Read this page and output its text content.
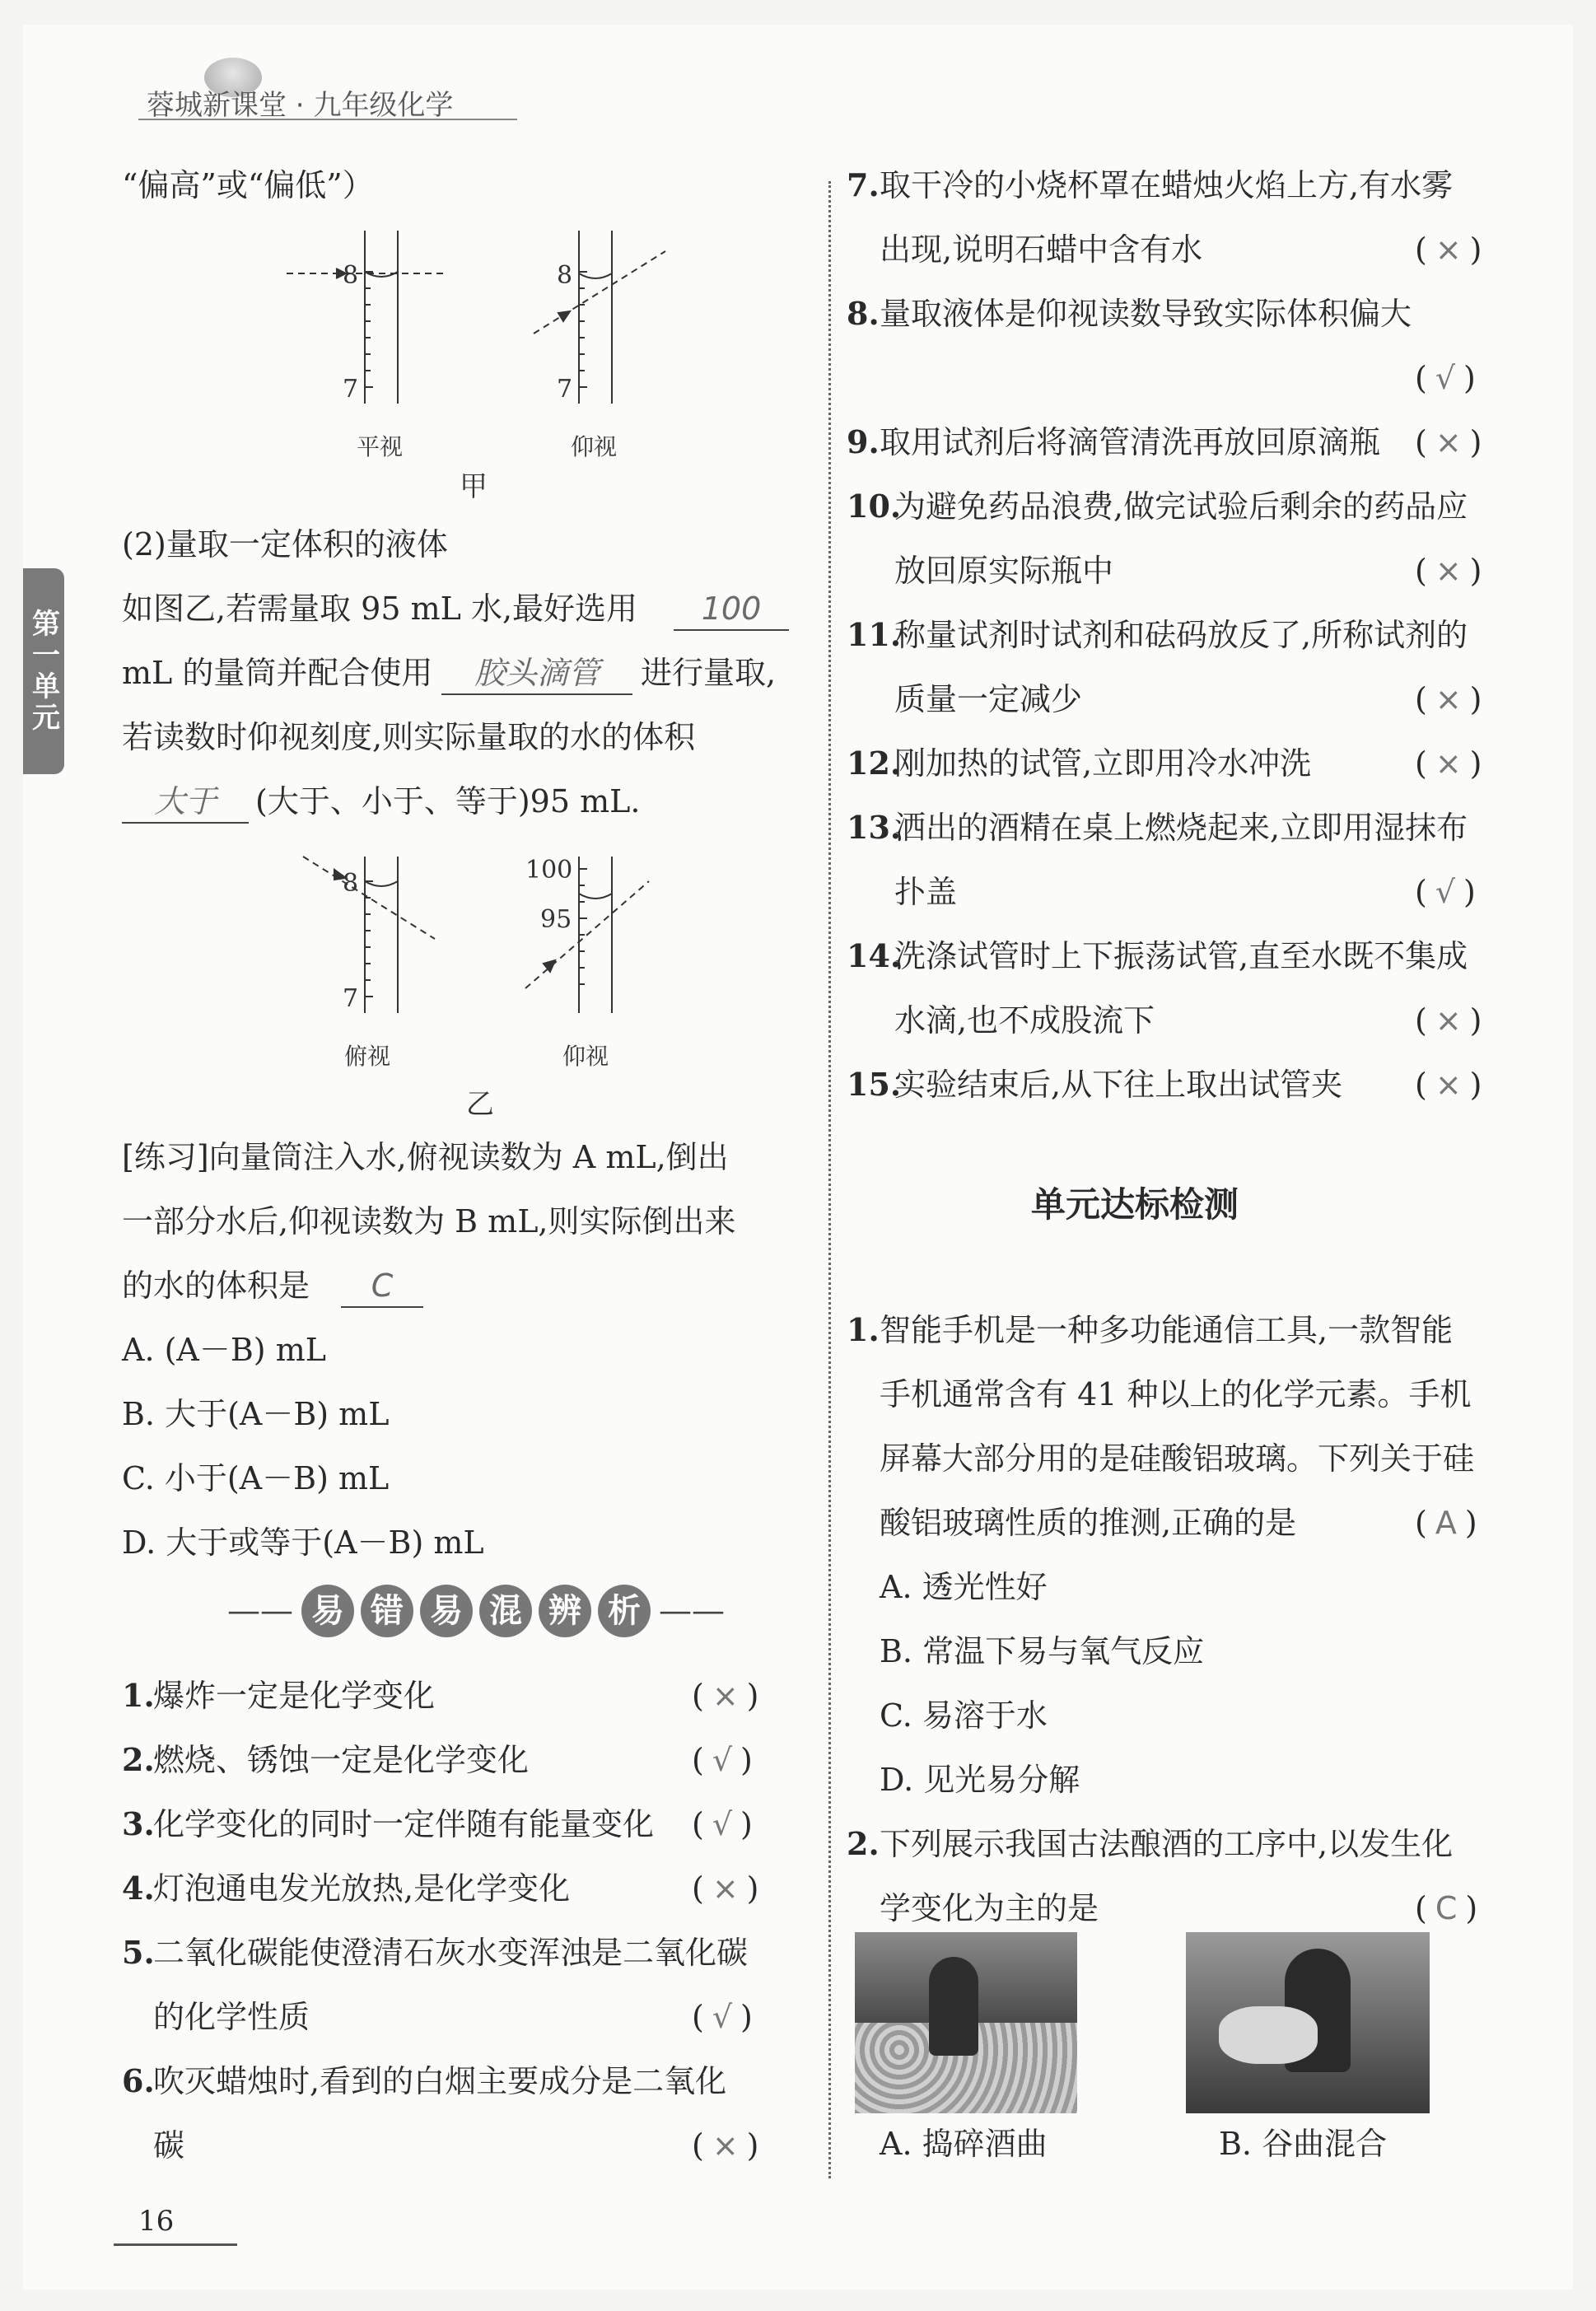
蓉城新课堂 · 九年级化学
第一单元
“偏高”或“偏低”）
8
7
8
7
平视	仰视
甲
(2)量取一定体积的液体
如图乙,若需量取 95 mL 水,最好选用	100
mL 的量筒并配合使用	胶头滴管	进行量取,
若读数时仰视刻度,则实际量取的水的体积
大于	(大于、小于、等于)95 mL.
8
7
100
95
俯视	仰视
乙
[练习]向量筒注入水,俯视读数为 A mL,倒出
一部分水后,仰视读数为 B mL,则实际倒出来
的水的体积是	C
A. (A－B) mL
B. 大于(A－B) mL
C. 小于(A－B) mL
D. 大于或等于(A－B) mL
—— 易 错 易 混 辨 析 ——
1.
爆炸一定是化学变化	( × )
2.
燃烧、锈蚀一定是化学变化	( √ )
3.
化学变化的同时一定伴随有能量变化 ( √ )
4.
灯泡通电发光放热,是化学变化	( × )
5.
二氧化碳能使澄清石灰水变浑浊是二氧化碳
的化学性质	( √ )
6.
吹灭蜡烛时,看到的白烟主要成分是二氧化
碳	( × )
16
7. 取干冷的小烧杯罩在蜡烛火焰上方,有水雾
出现,说明石蜡中含有水	( × )
8. 量取液体是仰视读数导致实际体积偏大
( √ )
9. 取用试剂后将滴管清洗再放回原滴瓶 ( × )
10.
为避免药品浪费,做完试验后剩余的药品应
放回原实际瓶中	( × )
11.
称量试剂时试剂和砝码放反了,所称试剂的
质量一定减少	( × )
12.
刚加热的试管,立即用冷水冲洗	( × )
13.
洒出的酒精在桌上燃烧起来,立即用湿抹布
扑盖	( √ )
14.
洗涤试管时上下振荡试管,直至水既不集成
水滴,也不成股流下	( × )
15.
实验结束后,从下往上取出试管夹 ( × )
单元达标检测
1. 智能手机是一种多功能通信工具,一款智能
手机通常含有 41 种以上的化学元素。手机
屏幕大部分用的是硅酸铝玻璃。下列关于硅
酸铝玻璃性质的推测,正确的是	( A )
A. 透光性好
B. 常温下易与氧气反应
C. 易溶于水
D. 见光易分解
2. 下列展示我国古法酿酒的工序中,以发生化
学变化为主的是	( C )
A. 捣碎酒曲	B. 谷曲混合
